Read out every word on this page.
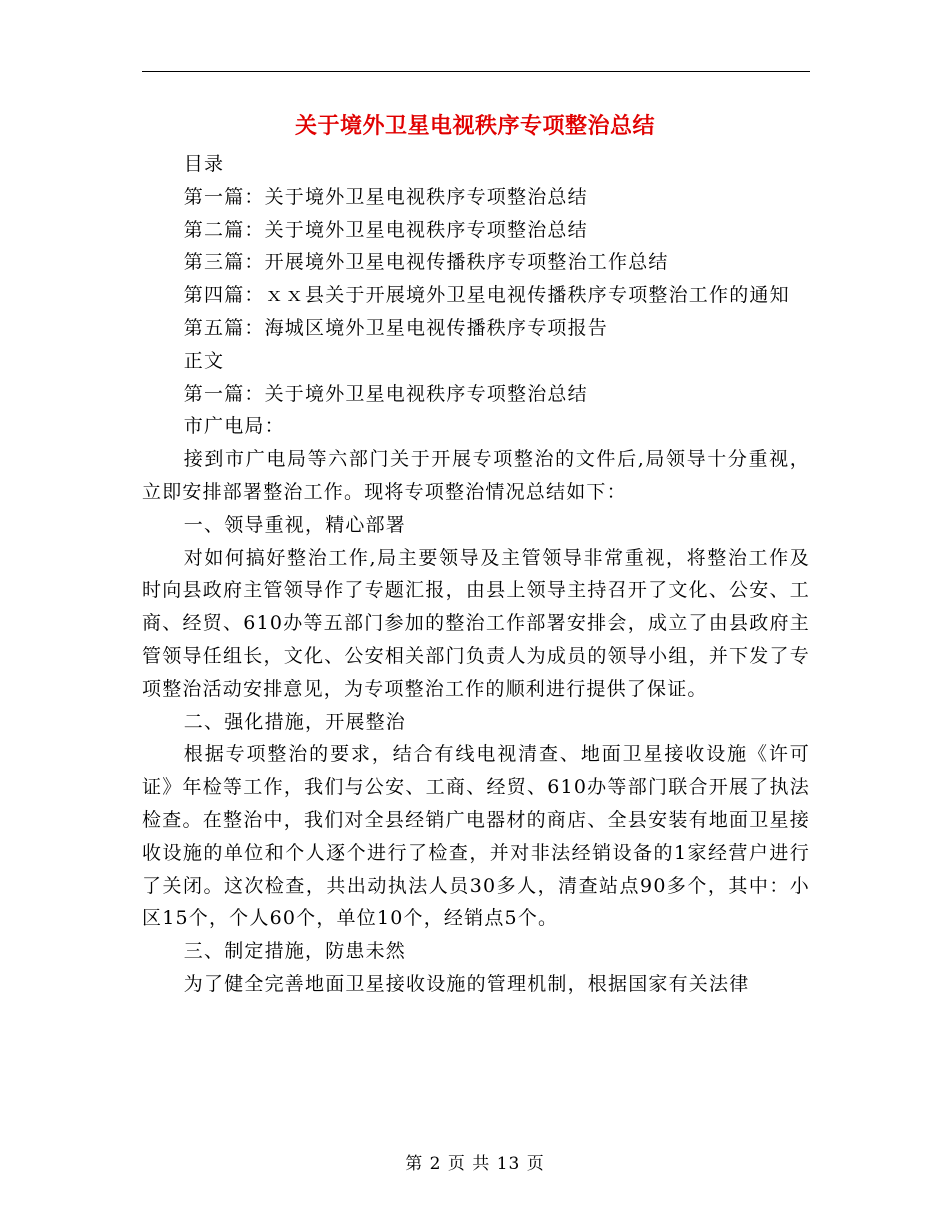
关于境外卫星电视秩序专项整治总结

目录

第一篇：关于境外卫星电视秩序专项整治总结

第二篇：关于境外卫星电视秩序专项整治总结

第三篇：开展境外卫星电视传播秩序专项整治工作总结

第四篇：ｘｘ县关于开展境外卫星电视传播秩序专项整治工作的通知

第五篇：海城区境外卫星电视传播秩序专项报告

正文

第一篇：关于境外卫星电视秩序专项整治总结

市广电局：

接到市广电局等六部门关于开展专项整治的文件后,局领导十分重视，立即安排部署整治工作。现将专项整治情况总结如下：

一、领导重视，精心部署

对如何搞好整治工作,局主要领导及主管领导非常重视，将整治工作及时向县政府主管领导作了专题汇报，由县上领导主持召开了文化、公安、工商、经贸、610办等五部门参加的整治工作部署安排会，成立了由县政府主管领导任组长，文化、公安相关部门负责人为成员的领导小组，并下发了专项整治活动安排意见，为专项整治工作的顺利进行提供了保证。

二、强化措施，开展整治

根据专项整治的要求，结合有线电视清查、地面卫星接收设施《许可证》年检等工作，我们与公安、工商、经贸、610办等部门联合开展了执法检查。在整治中，我们对全县经销广电器材的商店、全县安装有地面卫星接收设施的单位和个人逐个进行了检查，并对非法经销设备的1家经营户进行了关闭。这次检查，共出动执法人员30多人，清查站点90多个，其中：小区15个，个人60个，单位10个，经销点5个。

三、制定措施，防患未然

为了健全完善地面卫星接收设施的管理机制，根据国家有关法律

第 2 页 共 13 页
